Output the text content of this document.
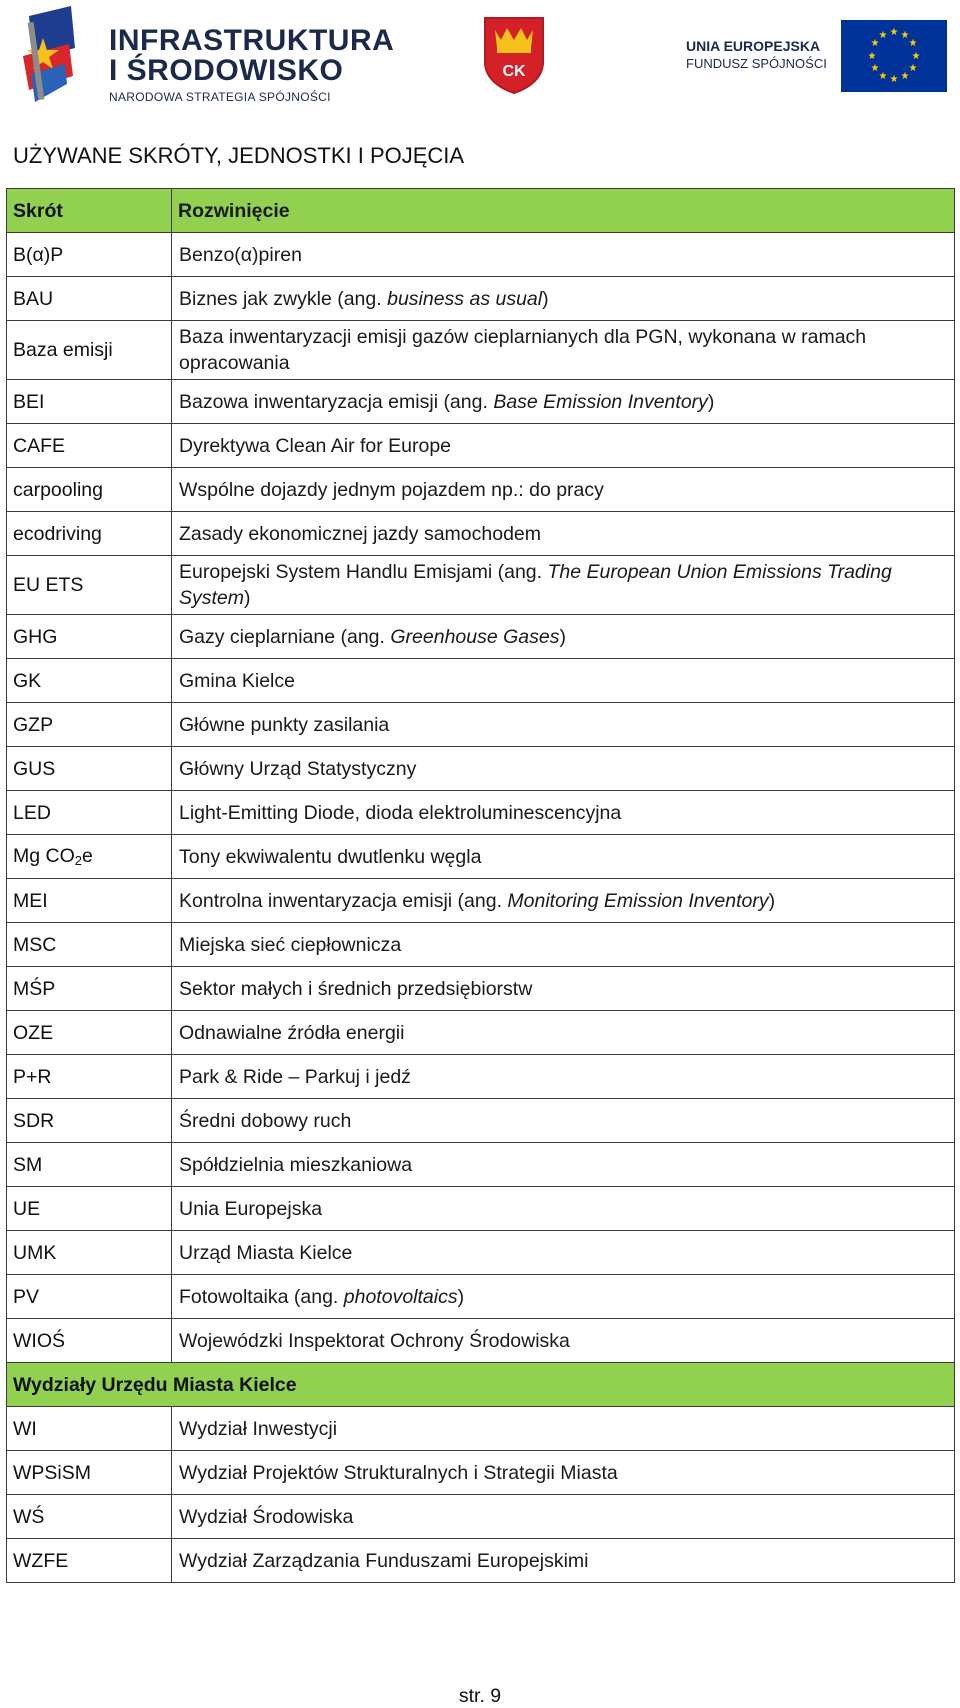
INFRASTRUKTURA
I ŚRODOWISKO
NARODOWA STRATEGIA SPÓJNOŚCI
CK
UNIA EUROPEJSKA
FUNDUSZ SPÓJNOŚCI
★ ★
★
★
★
★
★
★
★
★
★
★
UŻYWANE SKRÓTY, JEDNOSTKI I POJĘCIA
Skrót	Rozwinięcie
B(α)P	Benzo(α)piren
BAU	Biznes jak zwykle (ang. business as usual)
Baza emisji	Baza inwentaryzacji emisji gazów cieplarnianych dla PGN, wykonana w ramach opracowania
BEI	Bazowa inwentaryzacja emisji (ang. Base Emission Inventory)
CAFE	Dyrektywa Clean Air for Europe
carpooling	Wspólne dojazdy jednym pojazdem np.: do pracy
ecodriving	Zasady ekonomicznej jazdy samochodem
EU ETS	Europejski System Handlu Emisjami (ang. The European Union Emissions Trading System)
GHG	Gazy cieplarniane (ang. Greenhouse Gases)
GK	Gmina Kielce
GZP	Główne punkty zasilania
GUS	Główny Urząd Statystyczny
LED	Light-Emitting Diode, dioda elektroluminescencyjna
Mg CO2e	Tony ekwiwalentu dwutlenku węgla
MEI	Kontrolna inwentaryzacja emisji (ang. Monitoring Emission Inventory)
MSC	Miejska sieć ciepłownicza
MŚP	Sektor małych i średnich przedsiębiorstw
OZE	Odnawialne źródła energii
P+R	Park & Ride – Parkuj i jedź
SDR	Średni dobowy ruch
SM	Spółdzielnia mieszkaniowa
UE	Unia Europejska
UMK	Urząd Miasta Kielce
PV	Fotowoltaika (ang. photovoltaics)
WIOŚ	Wojewódzki Inspektorat Ochrony Środowiska
Wydziały Urzędu Miasta Kielce	
WI	Wydział Inwestycji
WPSiSM	Wydział Projektów Strukturalnych i Strategii Miasta
WŚ	Wydział Środowiska
WZFE	Wydział Zarządzania Funduszami Europejskimi
str. 9
